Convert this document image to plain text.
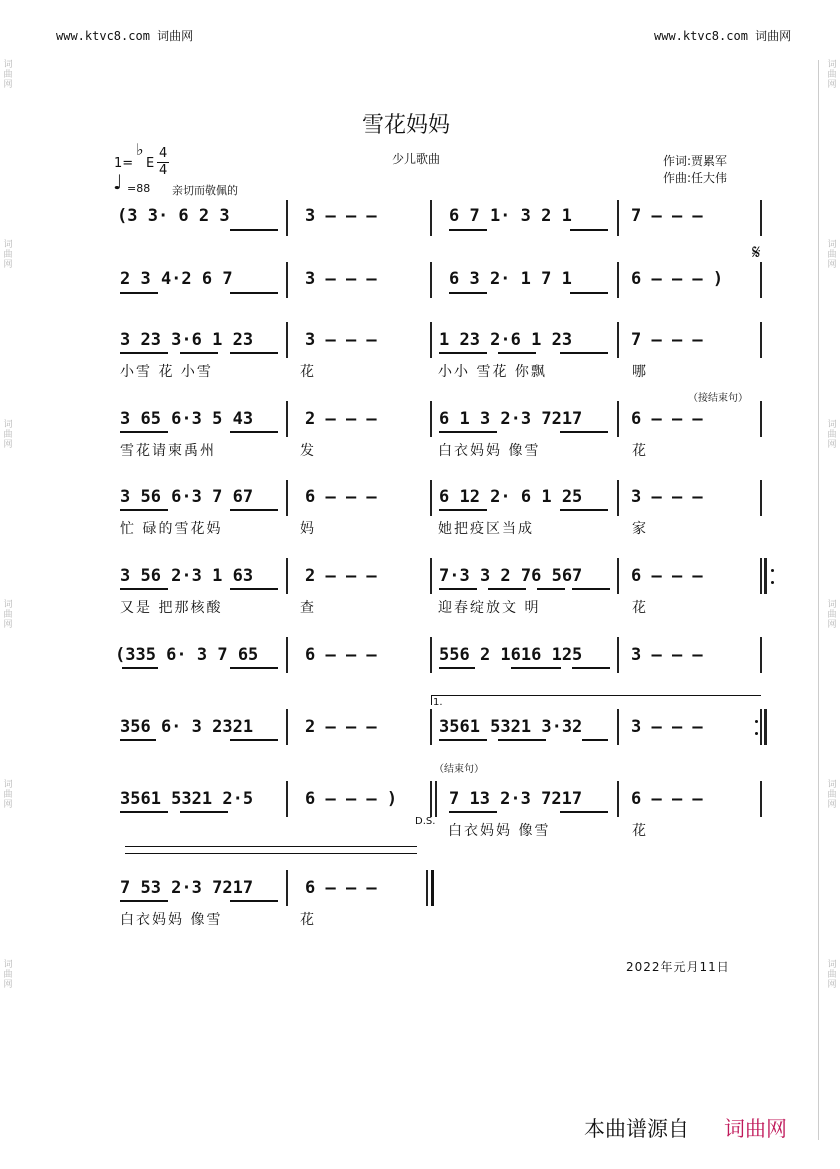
www.ktvc8.com 词曲网	www.ktvc8.com 词曲网
词曲网
词曲网
词曲网
词曲网
词曲网
词曲网
词曲网
词曲网
词曲网
词曲网
词曲网
词曲网
雪花妈妈
少儿歌曲
1=
♭
E
4
4
♩ =88 亲切而敬佩的
作词:贾累军
作曲:任大伟
(3 3· 6 2 3	3 – – –	6 7 1· 3 2 1	7 – – –
2 3 4·2 6 7	3 – – –	6 3 2· 1 7 1	6 – – – )
𝄋
3 23 3·6 1 23	3 – – –	1 23 2·6 1 23	7 – – –
小雪 花 小雪	花	小小 雪花 你飘	哪
（接结束句）
3 65 6·3 5 43	2 – – –	6 1 3 2·3 7217	6 – – –
雪花请柬禹州	发	白衣妈妈 像雪	花
3 56 6·3 7 67	6 – – –	6 12 2· 6 1 25	3 – – –
忙 碌的雪花妈	妈	她把疫区当成	家
3 56 2·3 1 63	2 – – –	7·3 3 2 76 567	6 – – –
又是 把那核酸	查	迎春绽放文 明	花
(335 6· 3 7 65	6 – – –	556 2 1616 125	3 – – –
1.
356 6· 3 2321	2 – – –	3561 5321 3·32	3 – – –
（结束句）
3561 5321 2·5	6 – – – )	7 13 2·3 7217	6 – – –
D.S.
白衣妈妈 像雪	花
7 53 2·3 7217	6 – – –
白衣妈妈 像雪	花
2022年元月11日
本曲谱源自 词曲网
